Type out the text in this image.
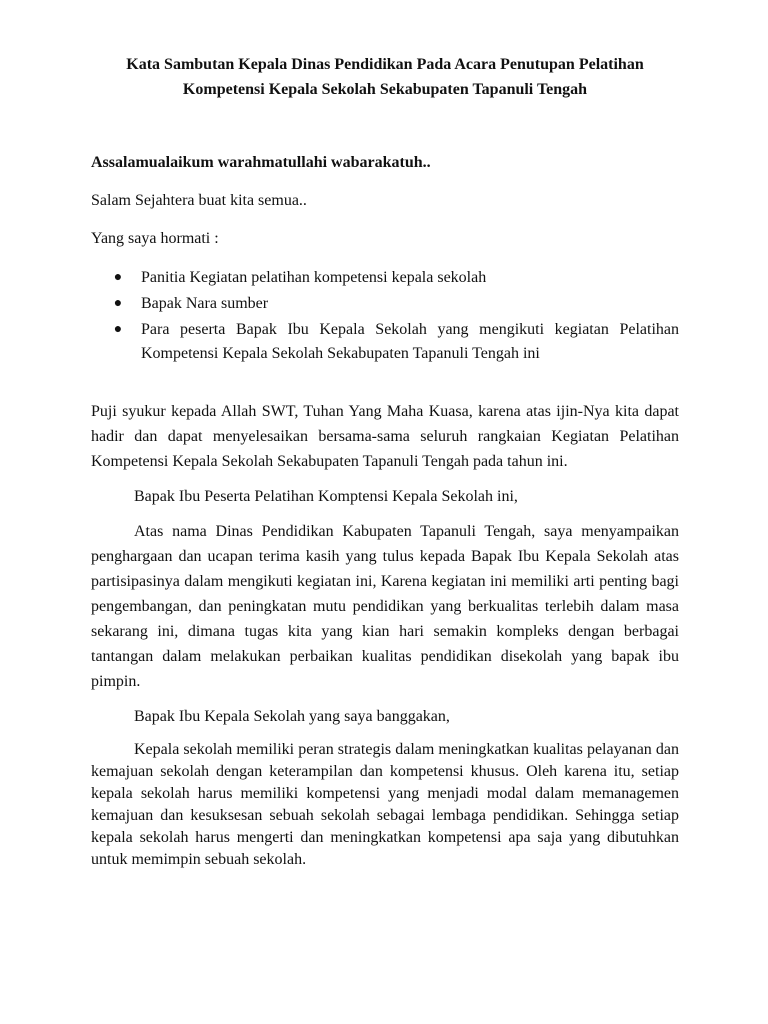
Kata Sambutan Kepala Dinas Pendidikan Pada Acara Penutupan Pelatihan
Kompetensi Kepala Sekolah Sekabupaten Tapanuli Tengah

Assalamualaikum warahmatullahi wabarakatuh..

Salam Sejahtera buat kita semua..

Yang saya hormati :

● Panitia Kegiatan pelatihan kompetensi kepala sekolah
● Bapak Nara sumber
● Para peserta Bapak Ibu Kepala Sekolah yang mengikuti kegiatan Pelatihan Kompetensi Kepala Sekolah Sekabupaten Tapanuli Tengah ini

Puji syukur kepada Allah SWT, Tuhan Yang Maha Kuasa, karena atas ijin-Nya kita dapat hadir dan dapat menyelesaikan bersama-sama seluruh rangkaian Kegiatan Pelatihan Kompetensi Kepala Sekolah Sekabupaten Tapanuli Tengah pada tahun ini.

Bapak Ibu Peserta Pelatihan Komptensi Kepala Sekolah ini,

Atas nama Dinas Pendidikan Kabupaten Tapanuli Tengah, saya menyampaikan penghargaan dan ucapan terima kasih yang tulus kepada Bapak Ibu Kepala Sekolah atas partisipasinya dalam mengikuti kegiatan ini, Karena kegiatan ini memiliki arti penting bagi pengembangan, dan peningkatan mutu pendidikan yang berkualitas terlebih dalam masa sekarang ini, dimana tugas kita yang kian hari semakin kompleks dengan berbagai tantangan dalam melakukan perbaikan kualitas pendidikan disekolah yang bapak ibu pimpin.

Bapak Ibu Kepala Sekolah yang saya banggakan,

Kepala sekolah memiliki peran strategis dalam meningkatkan kualitas pelayanan dan kemajuan sekolah dengan keterampilan dan kompetensi khusus. Oleh karena itu, setiap kepala sekolah harus memiliki kompetensi yang menjadi modal dalam memanagemen kemajuan dan kesuksesan sebuah sekolah sebagai lembaga pendidikan. Sehingga setiap kepala sekolah harus mengerti dan meningkatkan kompetensi apa saja yang dibutuhkan untuk memimpin sebuah sekolah.
